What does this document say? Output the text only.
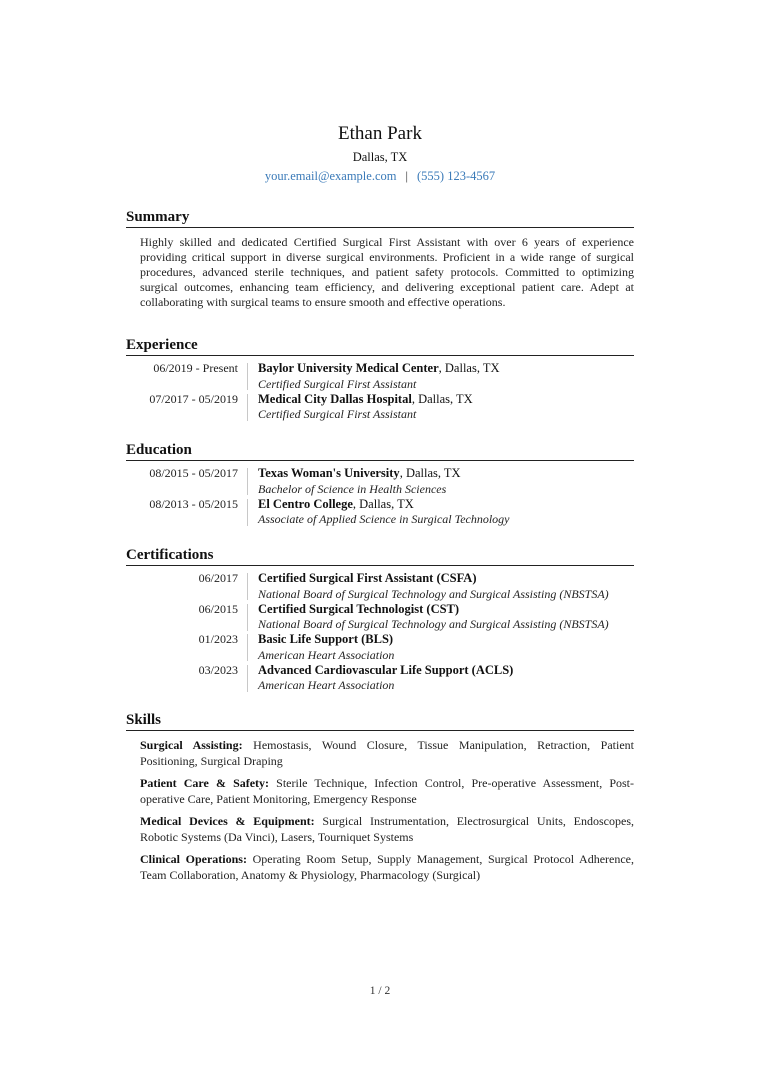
Ethan Park
Dallas, TX
your.email@example.com | (555) 123-4567
Summary
Highly skilled and dedicated Certified Surgical First Assistant with over 6 years of experience providing critical support in diverse surgical environments. Proficient in a wide range of surgical procedures, advanced sterile techniques, and patient safety protocols. Committed to optimizing surgical outcomes, enhancing team efficiency, and delivering exceptional patient care. Adept at collaborating with surgical teams to ensure smooth and effective operations.
Experience
06/2019 - Present	Baylor University Medical Center, Dallas, TX
Certified Surgical First Assistant
07/2017 - 05/2019	Medical City Dallas Hospital, Dallas, TX
Certified Surgical First Assistant
Education
08/2015 - 05/2017	Texas Woman's University, Dallas, TX
Bachelor of Science in Health Sciences
08/2013 - 05/2015	El Centro College, Dallas, TX
Associate of Applied Science in Surgical Technology
Certifications
06/2017	Certified Surgical First Assistant (CSFA)
National Board of Surgical Technology and Surgical Assisting (NBSTSA)
06/2015	Certified Surgical Technologist (CST)
National Board of Surgical Technology and Surgical Assisting (NBSTSA)
01/2023	Basic Life Support (BLS)
American Heart Association
03/2023	Advanced Cardiovascular Life Support (ACLS)
American Heart Association
Skills
Surgical Assisting: Hemostasis, Wound Closure, Tissue Manipulation, Retraction, Patient Positioning, Surgical Draping
Patient Care & Safety: Sterile Technique, Infection Control, Pre-operative Assessment, Post-operative Care, Patient Monitoring, Emergency Response
Medical Devices & Equipment: Surgical Instrumentation, Electrosurgical Units, Endoscopes, Robotic Systems (Da Vinci), Lasers, Tourniquet Systems
Clinical Operations: Operating Room Setup, Supply Management, Surgical Protocol Adherence, Team Collaboration, Anatomy & Physiology, Pharmacology (Surgical)
1 / 2
